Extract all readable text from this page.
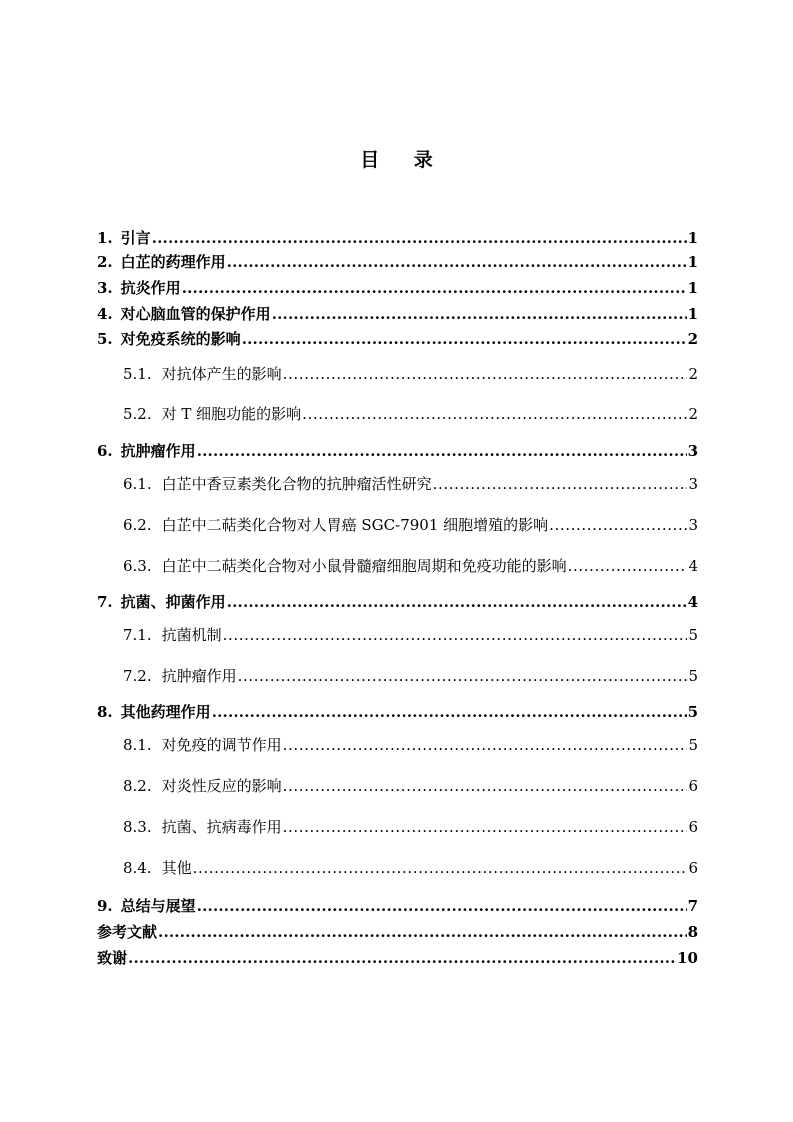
目 录
1. 引言 .....	1
2. 白芷的药理作用 .....	1
3. 抗炎作用 .....	1
4. 对心脑血管的保护作用 .....	1
5. 对免疫系统的影响 .....	2
5.1. 对抗体产生的影响 .....	2
5.2. 对 T 细胞功能的影响 .....	2
6. 抗肿瘤作用 .....	3
6.1. 白芷中香豆素类化合物的抗肿瘤活性研究 .....	3
6.2. 白芷中二萜类化合物对人胃癌 SGC-7901 细胞增殖的影响 .....	3
6.3. 白芷中二萜类化合物对小鼠骨髓瘤细胞周期和免疫功能的影响 .....	4
7. 抗菌、抑菌作用 .....	4
7.1. 抗菌机制 .....	5
7.2. 抗肿瘤作用 .....	5
8. 其他药理作用 .....	5
8.1. 对免疫的调节作用 .....	5
8.2. 对炎性反应的影响 .....	6
8.3. 抗菌、抗病毒作用 .....	6
8.4. 其他 .....	6
9. 总结与展望 .....	7
参考文献 .....	8
致谢 .....	10
